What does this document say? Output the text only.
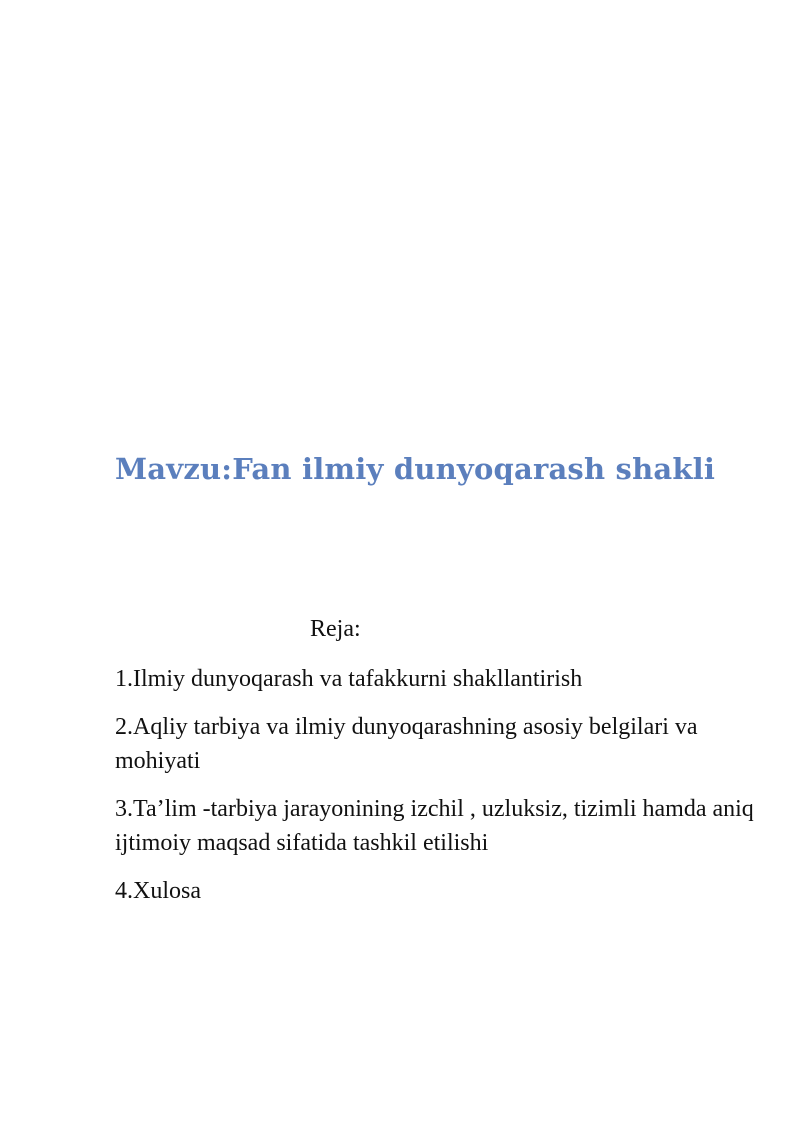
Mavzu:Fan ilmiy dunyoqarash shakli
Reja:
1.Ilmiy dunyoqarash va tafakkurni shakllantirish
2.Aqliy tarbiya va ilmiy dunyoqarashning asosiy belgilari va mohiyati
3.Ta’lim -tarbiya jarayonining izchil , uzluksiz, tizimli hamda aniq ijtimoiy maqsad sifatida tashkil etilishi
4.Xulosa
